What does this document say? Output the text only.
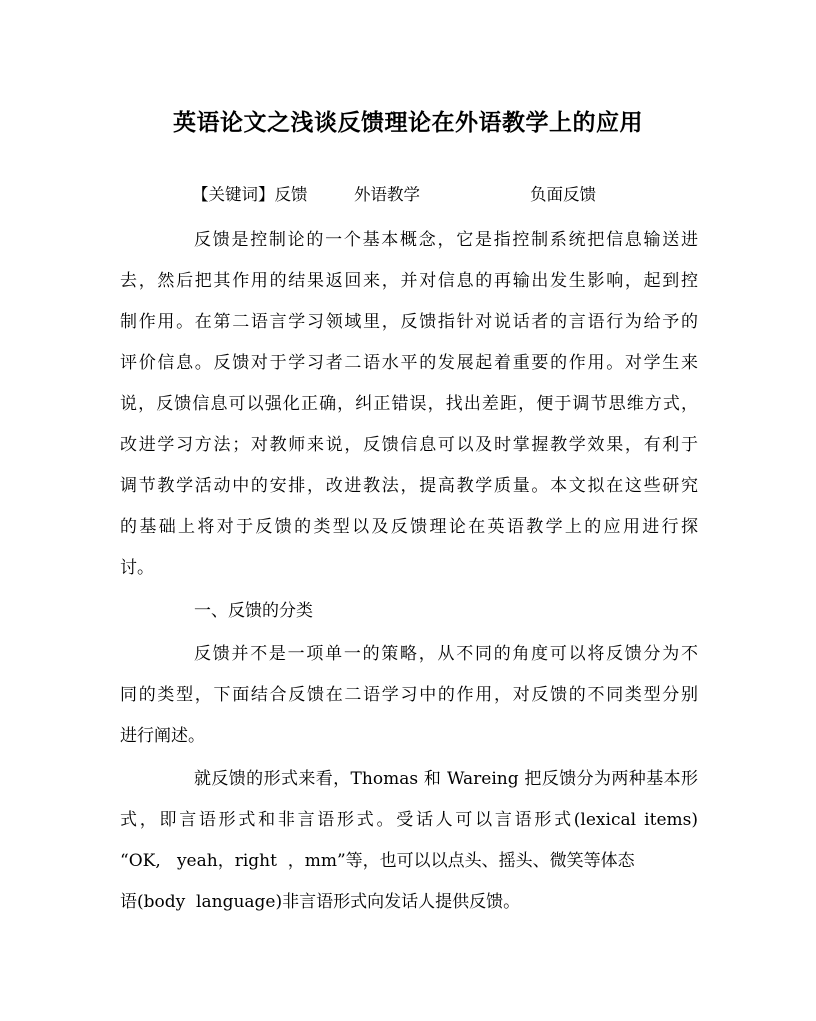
英语论文之浅谈反馈理论在外语教学上的应用
【关键词】反馈	外语教学	负面反馈
反馈是控制论的一个基本概念，它是指控制系统把信息输送进
去，然后把其作用的结果返回来，并对信息的再输出发生影响，起到控
制作用。在第二语言学习领域里，反馈指针对说话者的言语行为给予的
评价信息。反馈对于学习者二语水平的发展起着重要的作用。对学生来
说，反馈信息可以强化正确，纠正错误，找出差距，便于调节思维方式，
改进学习方法；对教师来说，反馈信息可以及时掌握教学效果，有利于
调节教学活动中的安排，改进教法，提高教学质量。本文拟在这些研究
的基础上将对于反馈的类型以及反馈理论在英语教学上的应用进行探
讨。
一、反馈的分类
反馈并不是一项单一的策略，从不同的角度可以将反馈分为不
同的类型，下面结合反馈在二语学习中的作用，对反馈的不同类型分别
进行阐述。
就反馈的形式来看，Thomas 和 Wareing 把反馈分为两种基本形
式，即言语形式和非言语形式。受话人可以言语形式(lexical items)
“OK,   yeah，right  ，mm”等，也可以以点头、摇头、微笑等体态
语(body  language)非言语形式向发话人提供反馈。
